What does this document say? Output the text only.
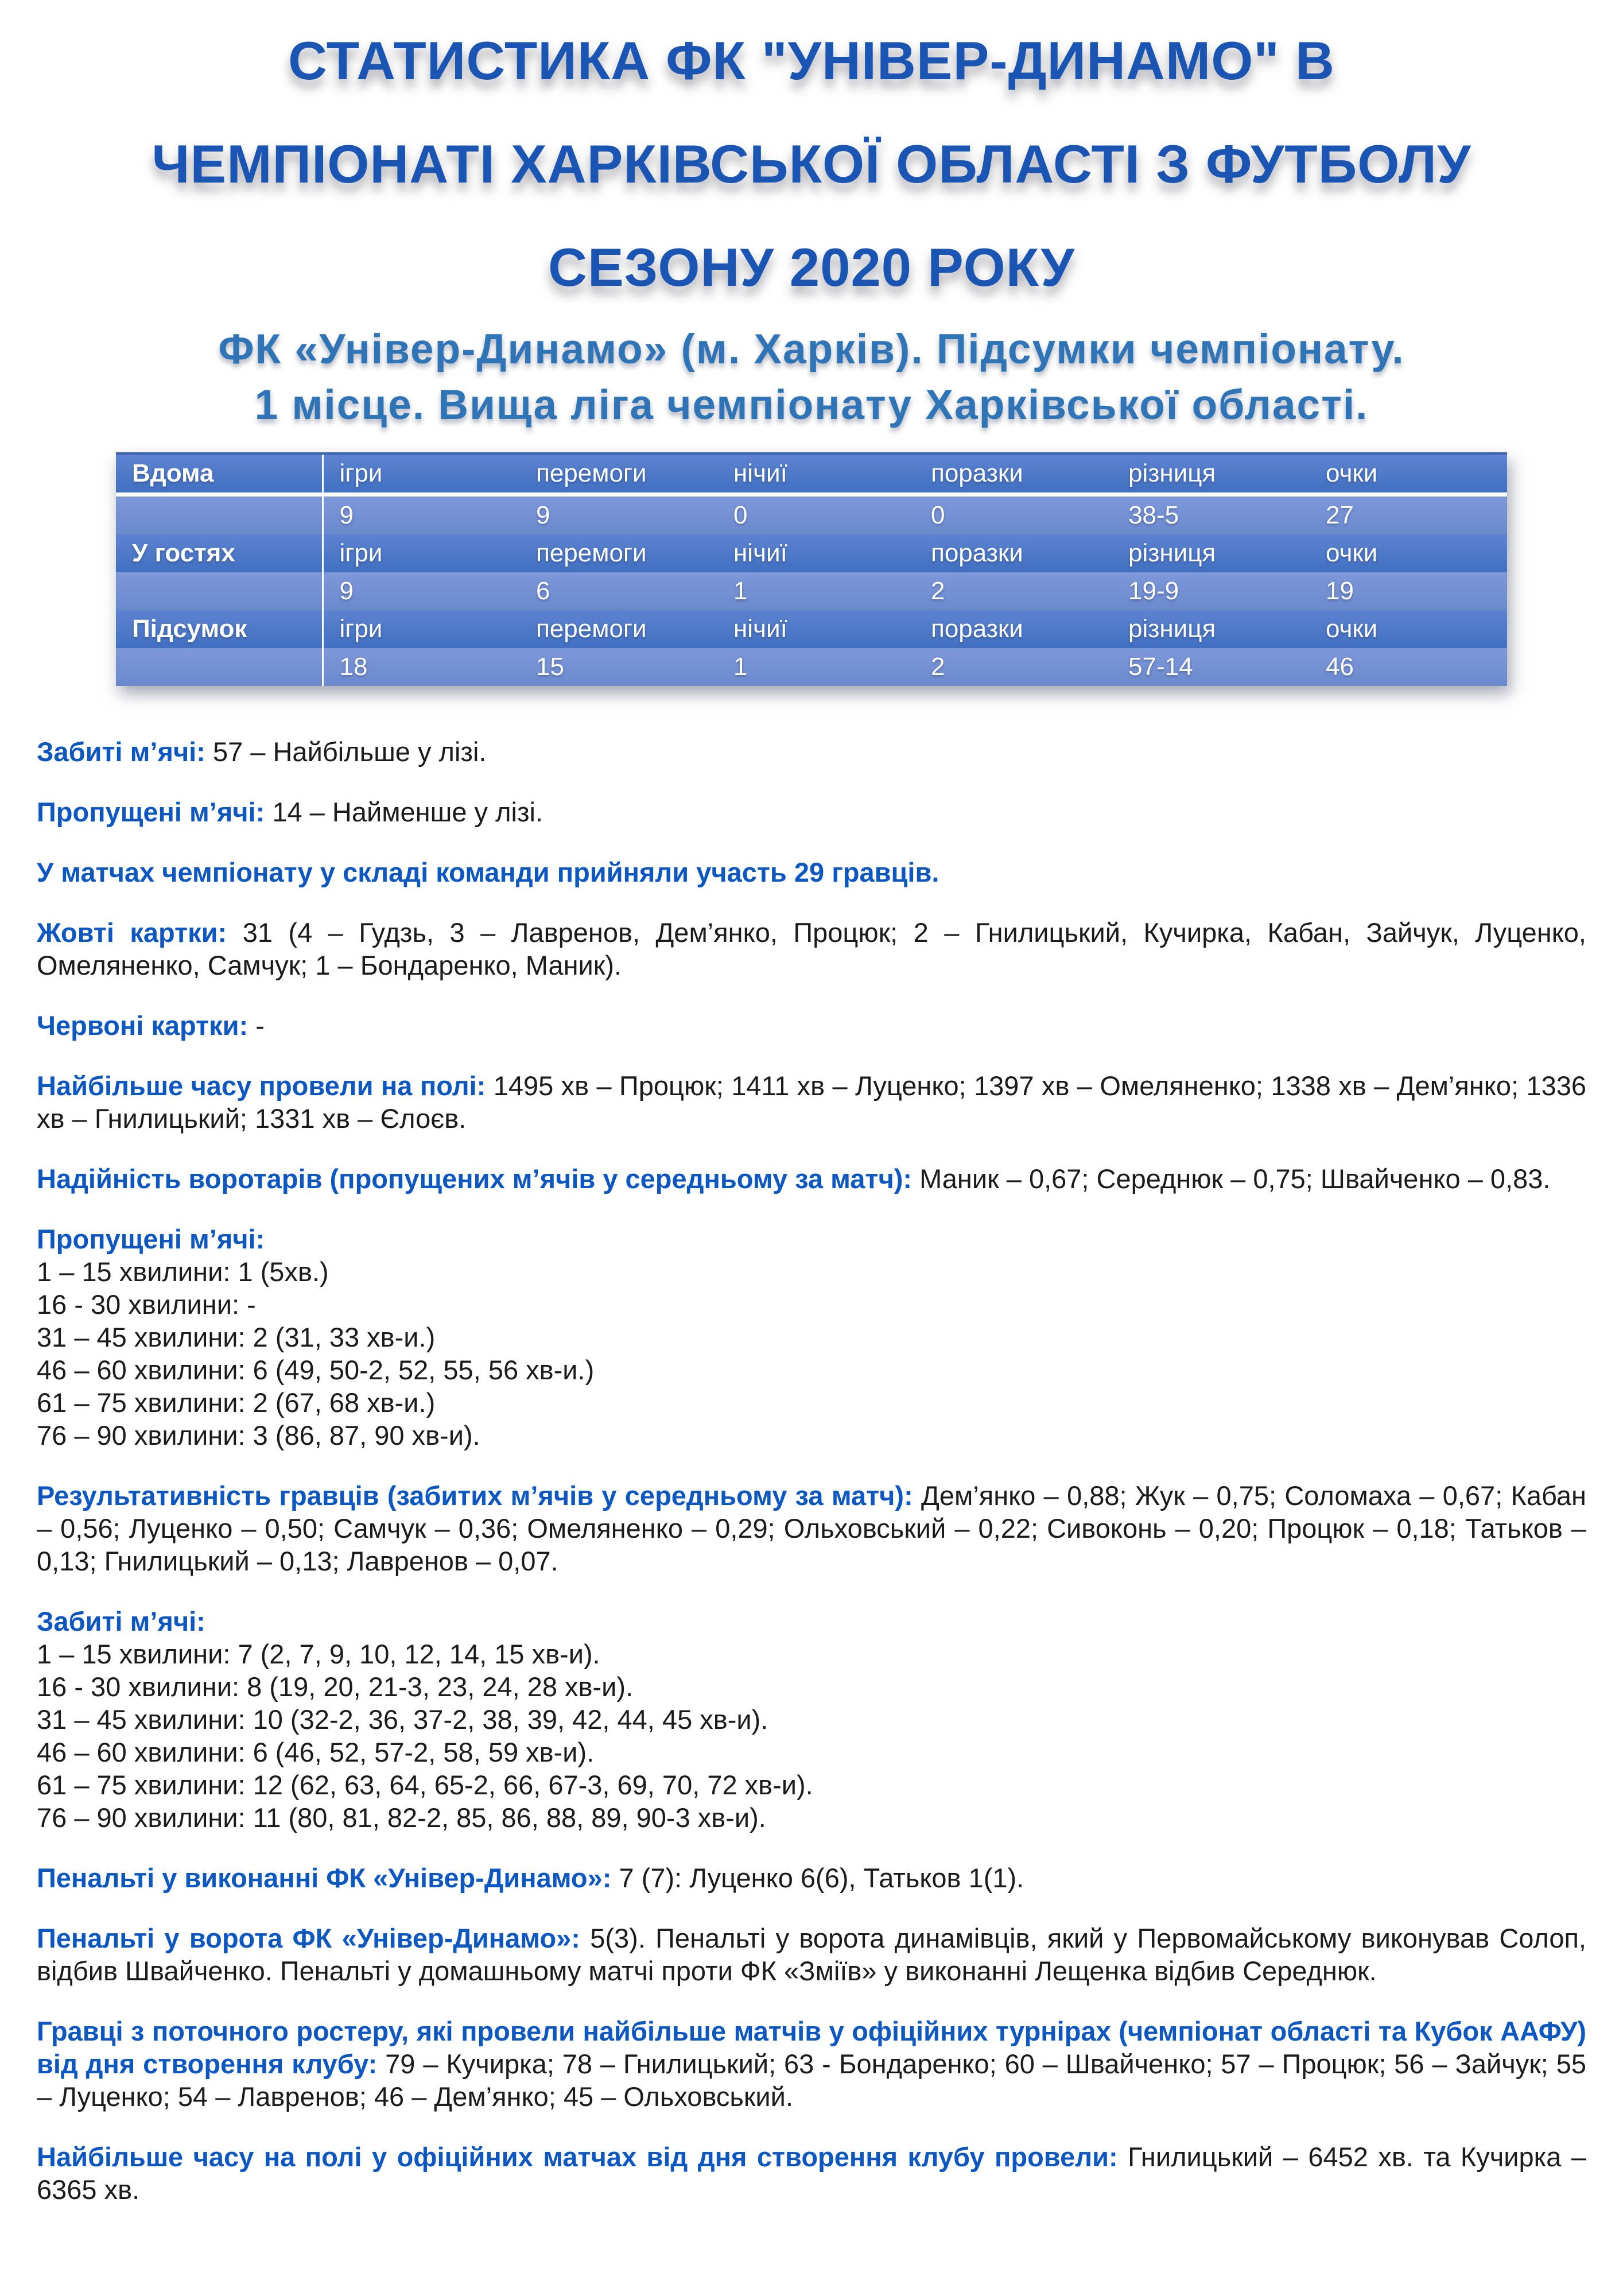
СТАТИСТИКА ФК "УНІВЕР-ДИНАМО" В
ЧЕМПІОНАТІ ХАРКІВСЬКОЇ ОБЛАСТІ З ФУТБОЛУ
СЕЗОНУ 2020 РОКУ
ФК «Універ-Динамо» (м. Харків). Підсумки чемпіонату.
1 місце. Вища ліга чемпіонату Харківської області.
Вдома	ігри	перемоги	нічиї	поразки	різниця	очки
	9	9	0	0	38-5	27
У гостях	ігри	перемоги	нічиї	поразки	різниця	очки
	9	6	1	2	19-9	19
Підсумок	ігри	перемоги	нічиї	поразки	різниця	очки
	18	15	1	2	57-14	46

Забиті м’ячі: 57 – Найбільше у лізі.

Пропущені м’ячі: 14 – Найменше у лізі.

У матчах чемпіонату у складі команди прийняли участь 29 гравців.

Жовті картки: 31 (4 – Гудзь, 3 – Лавренов, Дем’янко, Процюк; 2 – Гнилицький, Кучирка, Кабан, Зайчук, Луценко, Омеляненко, Самчук; 1 – Бондаренко, Маник).

Червоні картки: -

Найбільше часу провели на полі: 1495 хв – Процюк; 1411 хв – Луценко; 1397 хв – Омеляненко; 1338 хв – Дем’янко; 1336 хв – Гнилицький; 1331 хв – Єлоєв.

Надійність воротарів (пропущених м’ячів у середньому за матч): Маник – 0,67; Середнюк – 0,75; Швайченко – 0,83.

Пропущені м’ячі:
1 – 15 хвилини: 1 (5хв.)
16 - 30 хвилини: -
31 – 45 хвилини: 2 (31, 33 хв-и.)
46 – 60 хвилини: 6 (49, 50-2, 52, 55, 56 хв-и.)
61 – 75 хвилини: 2 (67, 68 хв-и.)
76 – 90 хвилини: 3 (86, 87, 90 хв-и).

Результативність гравців (забитих м’ячів у середньому за матч): Дем’янко – 0,88; Жук – 0,75; Соломаха – 0,67; Кабан – 0,56; Луценко – 0,50; Самчук – 0,36; Омеляненко – 0,29; Ольховський – 0,22; Сивоконь – 0,20; Процюк – 0,18; Татьков – 0,13; Гнилицький – 0,13; Лавренов – 0,07.

Забиті м’ячі:
1 – 15 хвилини: 7 (2, 7, 9, 10, 12, 14, 15 хв-и).
16 - 30 хвилини: 8 (19, 20, 21-3, 23, 24, 28 хв-и).
31 – 45 хвилини: 10 (32-2, 36, 37-2, 38, 39, 42, 44, 45 хв-и).
46 – 60 хвилини: 6 (46, 52, 57-2, 58, 59 хв-и).
61 – 75 хвилини: 12 (62, 63, 64, 65-2, 66, 67-3, 69, 70, 72 хв-и).
76 – 90 хвилини: 11 (80, 81, 82-2, 85, 86, 88, 89, 90-3 хв-и).

Пенальті у виконанні ФК «Універ-Динамо»: 7 (7): Луценко 6(6), Татьков 1(1).

Пенальті у ворота ФК «Універ-Динамо»: 5(3). Пенальті у ворота динамівців, який у Первомайському виконував Солоп, відбив Швайченко. Пенальті у домашньому матчі проти ФК «Зміїв» у виконанні Лещенка відбив Середнюк.

Гравці з поточного ростеру, які провели найбільше матчів у офіційних турнірах (чемпіонат області та Кубок ААФУ) від дня створення клубу: 79 – Кучирка; 78 – Гнилицький; 63 - Бондаренко; 60 – Швайченко; 57 – Процюк; 56 – Зайчук; 55 – Луценко; 54 – Лавренов; 46 – Дем’янко; 45 – Ольховський.

Найбільше часу на полі у офіційних матчах від дня створення клубу провели: Гнилицький – 6452 хв. та Кучирка – 6365 хв.
